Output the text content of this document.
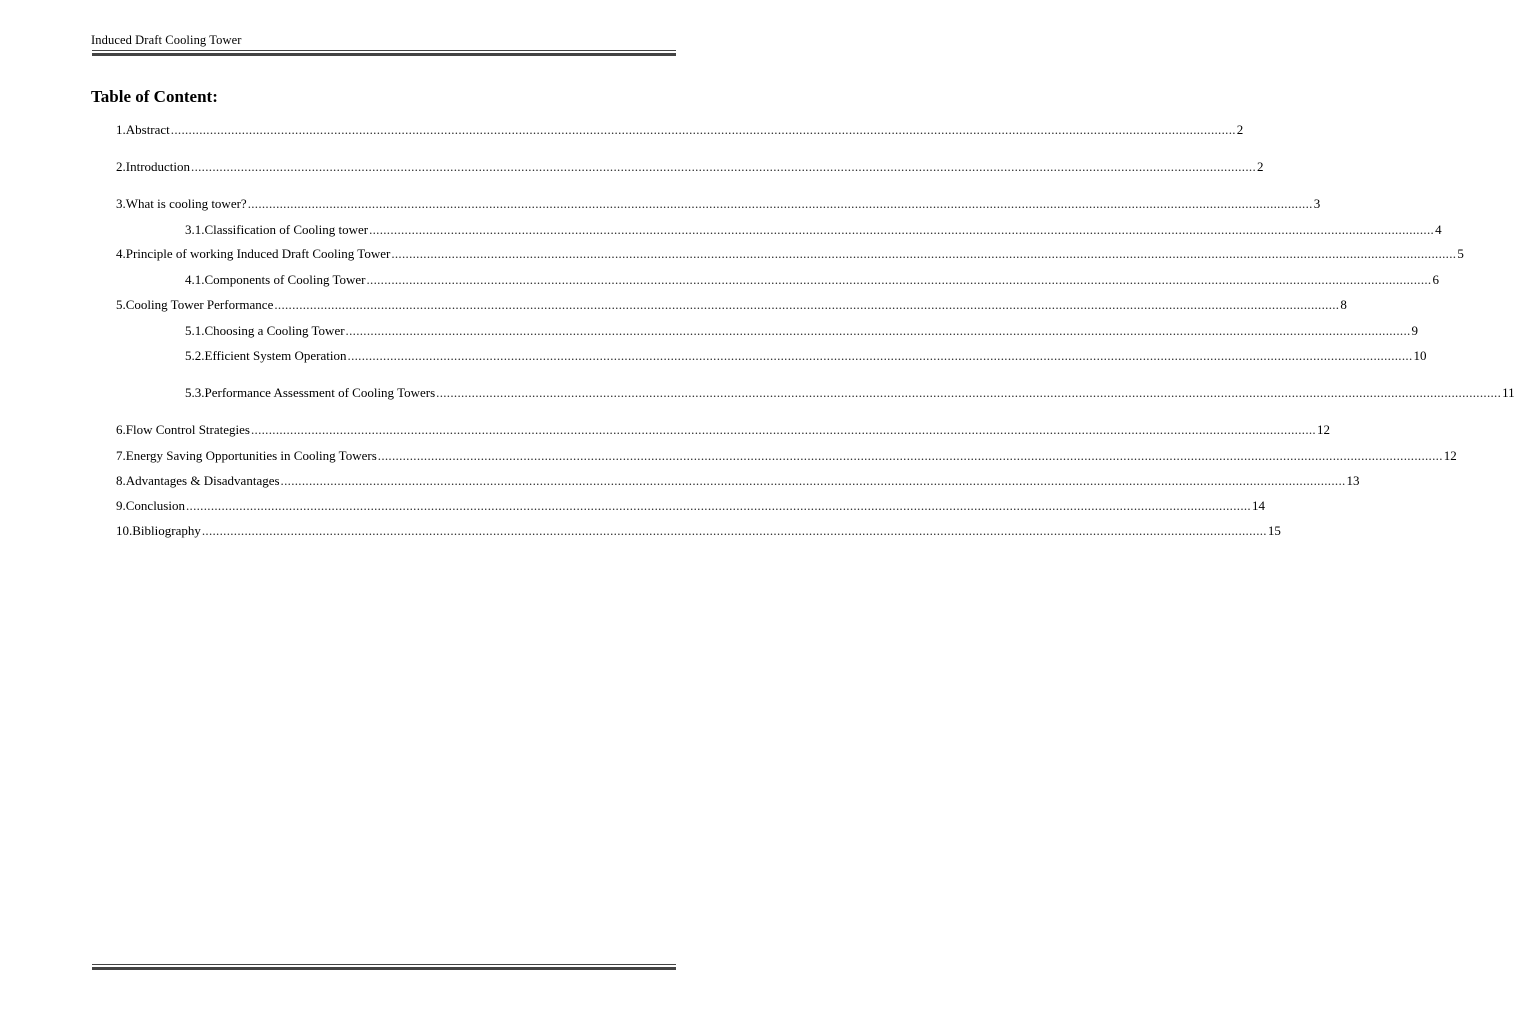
Induced Draft Cooling Tower
Table of Content:
1. Abstract ............................................................................................................................................................................................................................................................................................................ 2
2. Introduction ............................................................................................................................................................................................................................................................................................................ 2
3. What is cooling tower? ............................................................................................................................................................................................................................................................................................................ 3
3.1. Classification of Cooling tower ............................................................................................................................................................................................................................................................................................................ 4
4. Principle of working Induced Draft Cooling Tower ............................................................................................................................................................................................................................................................................................................ 5
4.1. Components of Cooling Tower ............................................................................................................................................................................................................................................................................................................ 6
5. Cooling Tower Performance ............................................................................................................................................................................................................................................................................................................ 8
5.1. Choosing a Cooling Tower ............................................................................................................................................................................................................................................................................................................ 9
5.2. Efficient System Operation ............................................................................................................................................................................................................................................................................................................ 10
5.3. Performance Assessment of Cooling Towers ............................................................................................................................................................................................................................................................................................................ 11
6. Flow Control Strategies ............................................................................................................................................................................................................................................................................................................ 12
7. Energy Saving Opportunities in Cooling Towers ............................................................................................................................................................................................................................................................................................................ 12
8. Advantages & Disadvantages ............................................................................................................................................................................................................................................................................................................ 13
9. Conclusion ............................................................................................................................................................................................................................................................................................................ 14
10. Bibliography ............................................................................................................................................................................................................................................................................................................ 15
